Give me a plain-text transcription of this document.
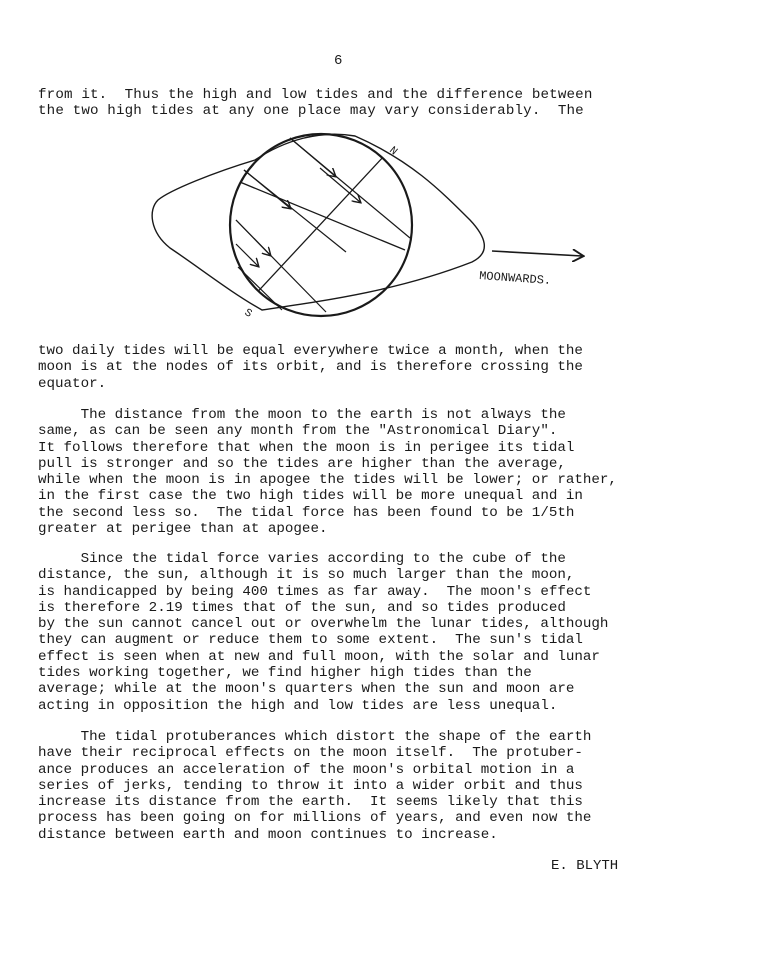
6
from it.  Thus the high and low tides and the difference between
the two high tides at any one place may vary considerably.  The
N
S
MOONWARDS.
two daily tides will be equal everywhere twice a month, when the
moon is at the nodes of its orbit, and is therefore crossing the
equator.
The distance from the moon to the earth is not always the
same, as can be seen any month from the "Astronomical Diary".
It follows therefore that when the moon is in perigee its tidal
pull is stronger and so the tides are higher than the average,
while when the moon is in apogee the tides will be lower; or rather,
in the first case the two high tides will be more unequal and in
the second less so.  The tidal force has been found to be 1/5th
greater at perigee than at apogee.
Since the tidal force varies according to the cube of the
distance, the sun, although it is so much larger than the moon,
is handicapped by being 400 times as far away.  The moon's effect
is therefore 2.19 times that of the sun, and so tides produced
by the sun cannot cancel out or overwhelm the lunar tides, although
they can augment or reduce them to some extent.  The sun's tidal
effect is seen when at new and full moon, with the solar and lunar
tides working together, we find higher high tides than the
average; while at the moon's quarters when the sun and moon are
acting in opposition the high and low tides are less unequal.
The tidal protuberances which distort the shape of the earth
have their reciprocal effects on the moon itself.  The protuber-
ance produces an acceleration of the moon's orbital motion in a
series of jerks, tending to throw it into a wider orbit and thus
increase its distance from the earth.  It seems likely that this
process has been going on for millions of years, and even now the
distance between earth and moon continues to increase.
E. BLYTH
